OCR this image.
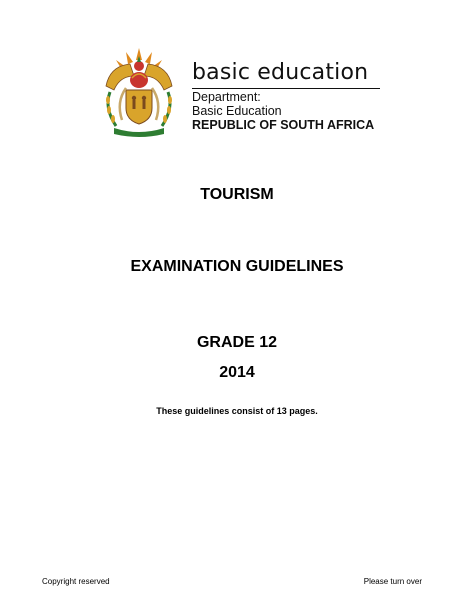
basic education
Department:
Basic Education
REPUBLIC OF SOUTH AFRICA
TOURISM
EXAMINATION GUIDELINES
GRADE 12
2014
These guidelines consist of 13 pages.
Copyright reserved	Please turn over
